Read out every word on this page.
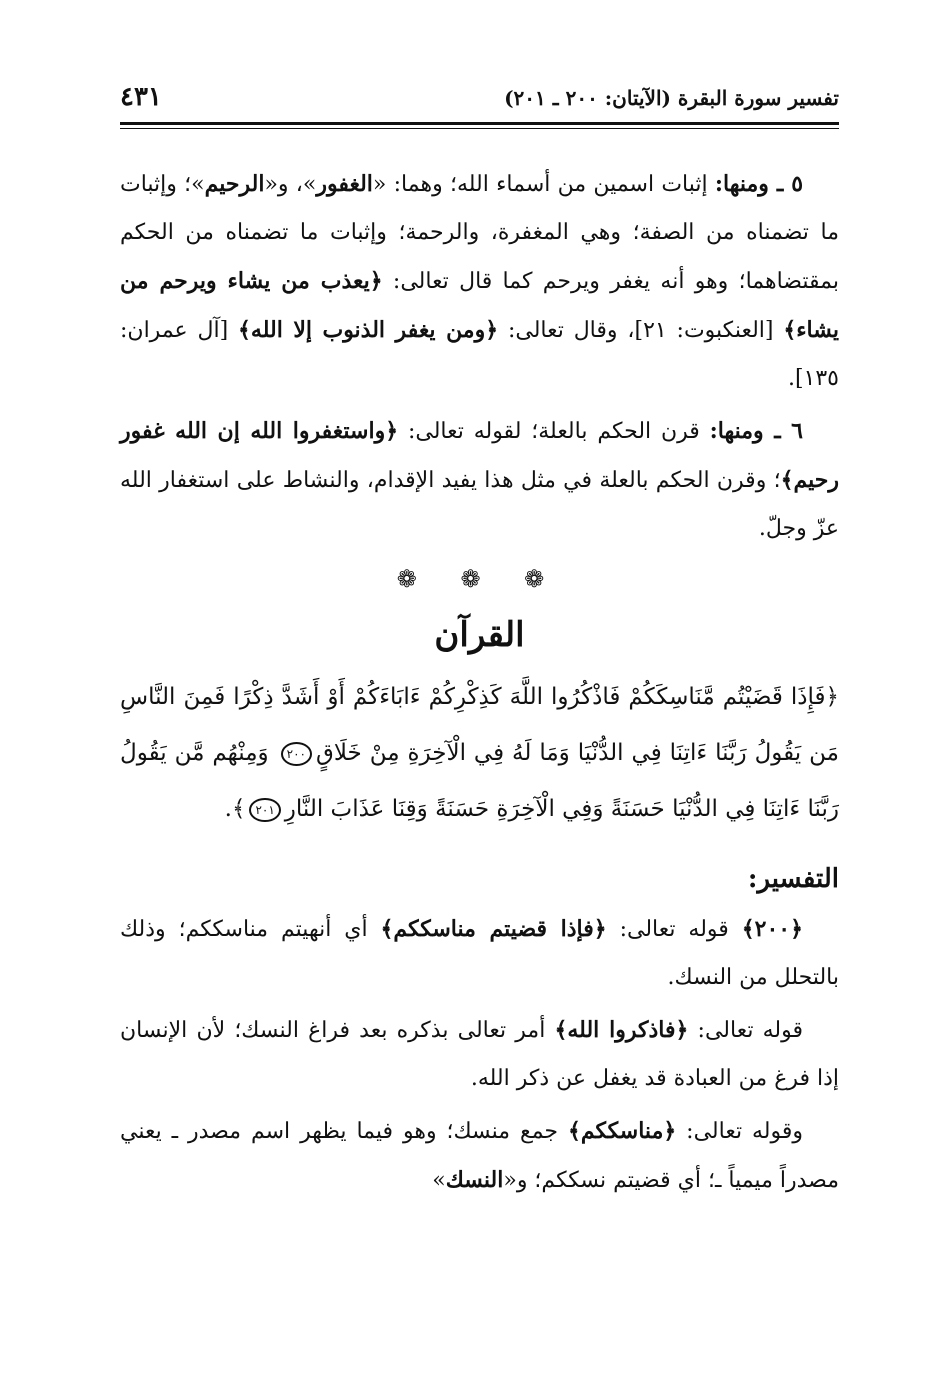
تفسير سورة البقرة (الآيتان: ٢٠٠ ـ ٢٠١)
٤٣١

٥ ـ ومنها: إثبات اسمين من أسماء الله؛ وهما: «الغفور»، و«الرحيم»؛ وإثبات ما تضمناه من الصفة؛ وهي المغفرة، والرحمة؛ وإثبات ما تضمناه من الحكم بمقتضاهما؛ وهو أنه يغفر ويرحم كما قال تعالى: ﴿يعذب من يشاء ويرحم من يشاء﴾ [العنكبوت: ٢١]، وقال تعالى: ﴿ومن يغفر الذنوب إلا الله﴾ [آل عمران: ١٣٥].

٦ ـ ومنها: قرن الحكم بالعلة؛ لقوله تعالى: ﴿واستغفروا الله إن الله غفور رحيم﴾؛ وقرن الحكم بالعلة في مثل هذا يفيد الإقدام، والنشاط على استغفار الله عزّ وجلّ.

❁ ❁ ❁
القرآن

﴿فَإِذَا قَضَيْتُم مَّنَاسِكَكُمْ فَاذْكُرُوا اللَّهَ كَذِكْرِكُمْ ءَابَاءَكُمْ أَوْ أَشَدَّ ذِكْرًا فَمِنَ النَّاسِ مَن يَقُولُ رَبَّنَا ءَاتِنَا فِي الدُّنْيَا وَمَا لَهُ فِي الْآخِرَةِ مِنْ خَلَاقٍ٢٠٠ وَمِنْهُم مَّن يَقُولُ رَبَّنَا ءَاتِنَا فِي الدُّنْيَا حَسَنَةً وَفِي الْآخِرَةِ حَسَنَةً وَقِنَا عَذَابَ النَّارِ٢٠١﴾.

التفسير:

﴿٢٠٠﴾ قوله تعالى: ﴿فإذا قضيتم مناسككم﴾ أي أنهيتم مناسككم؛ وذلك بالتحلل من النسك.

قوله تعالى: ﴿فاذكروا الله﴾ أمر تعالى بذكره بعد فراغ النسك؛ لأن الإنسان إذا فرغ من العبادة قد يغفل عن ذكر الله.

وقوله تعالى: ﴿مناسككم﴾ جمع منسك؛ وهو فيما يظهر اسم مصدر ـ يعني مصدراً ميمياً ـ؛ أي قضيتم نسككم؛ و«النسك»
